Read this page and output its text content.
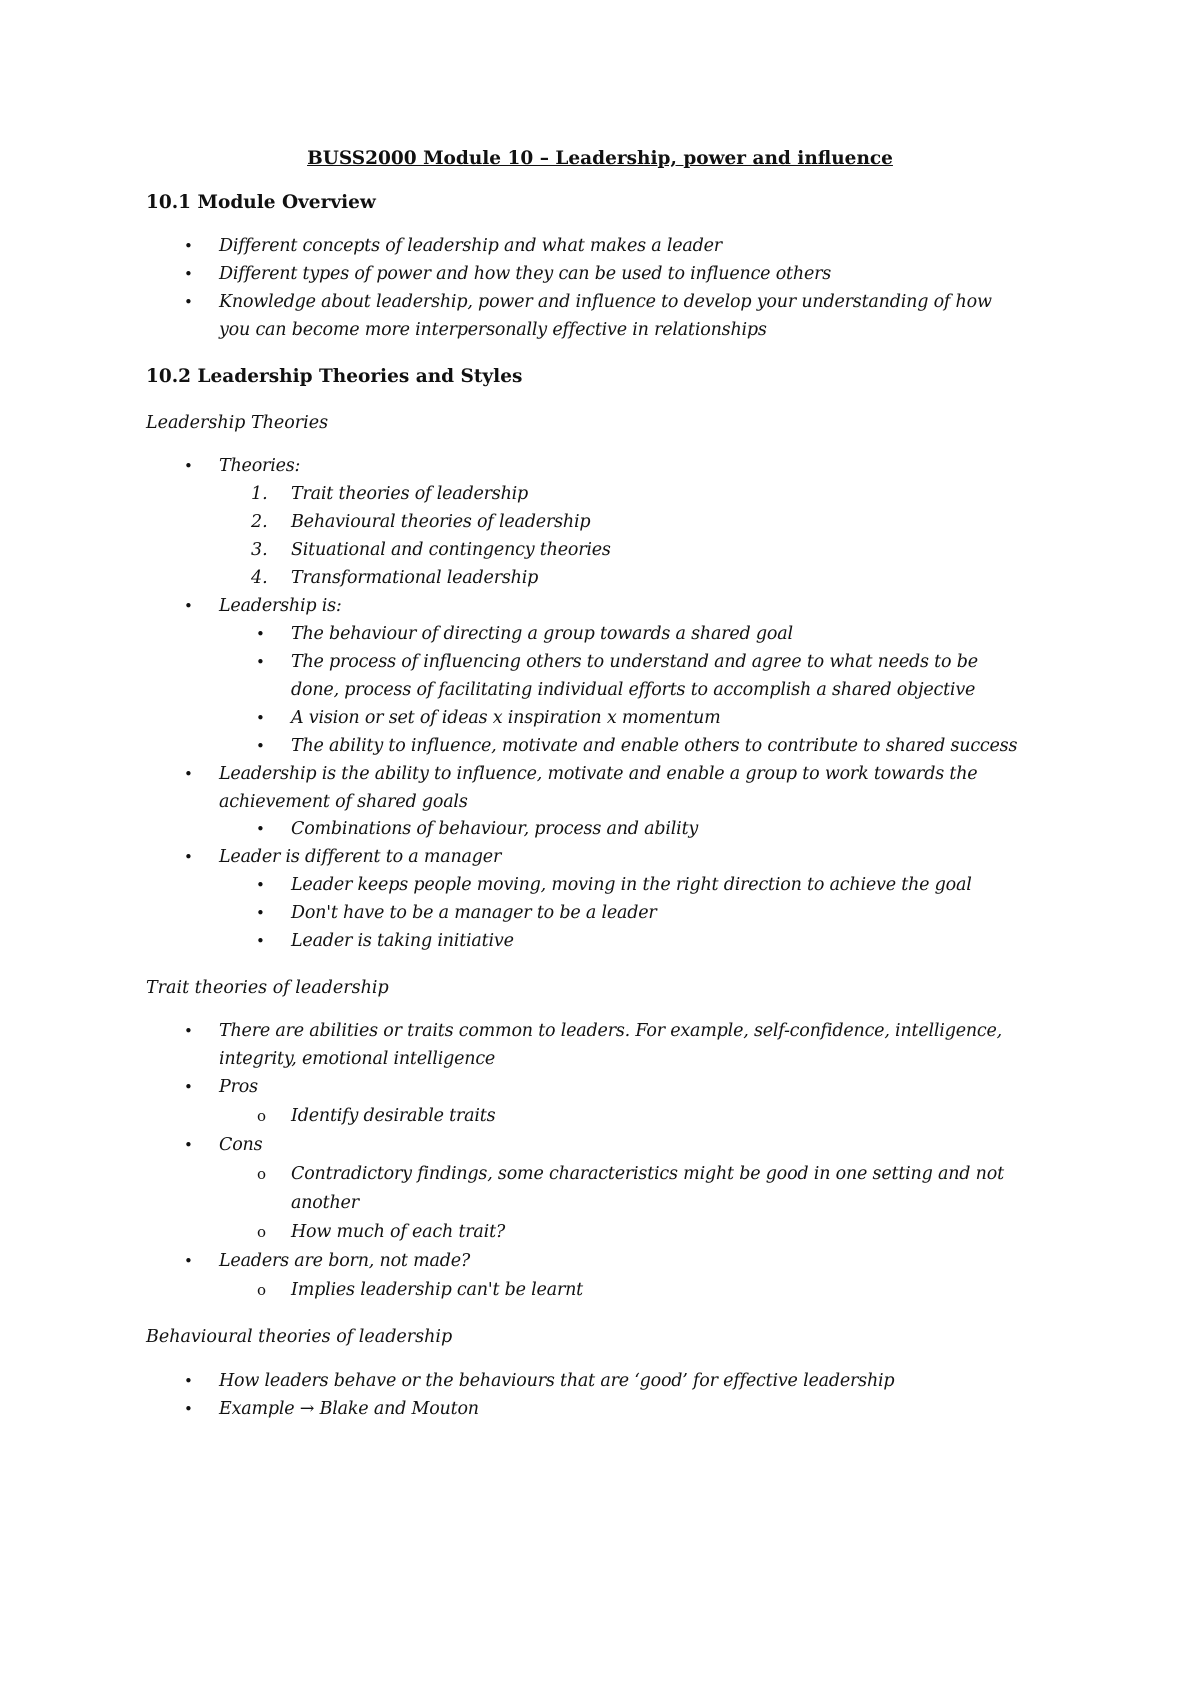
BUSS2000 Module 10 – Leadership, power and influence
10.1 Module Overview
• Different concepts of leadership and what makes a leader
• Different types of power and how they can be used to influence others
• Knowledge about leadership, power and influence to develop your understanding of how
you can become more interpersonally effective in relationships
10.2 Leadership Theories and Styles
Leadership Theories
• Theories:
1. Trait theories of leadership
2. Behavioural theories of leadership
3. Situational and contingency theories
4. Transformational leadership
• Leadership is:
• The behaviour of directing a group towards a shared goal
• The process of influencing others to understand and agree to what needs to be
done, process of facilitating individual efforts to accomplish a shared objective
• A vision or set of ideas x inspiration x momentum
• The ability to influence, motivate and enable others to contribute to shared success
• Leadership is the ability to influence, motivate and enable a group to work towards the
achievement of shared goals
• Combinations of behaviour, process and ability
• Leader is different to a manager
• Leader keeps people moving, moving in the right direction to achieve the goal
• Don't have to be a manager to be a leader
• Leader is taking initiative
Trait theories of leadership
• There are abilities or traits common to leaders. For example, self-confidence, intelligence,
integrity, emotional intelligence
• Pros
o Identify desirable traits
• Cons
o Contradictory findings, some characteristics might be good in one setting and not
another
o How much of each trait?
• Leaders are born, not made?
o Implies leadership can't be learnt
Behavioural theories of leadership
• How leaders behave or the behaviours that are ‘good’ for effective leadership
• Example → Blake and Mouton
